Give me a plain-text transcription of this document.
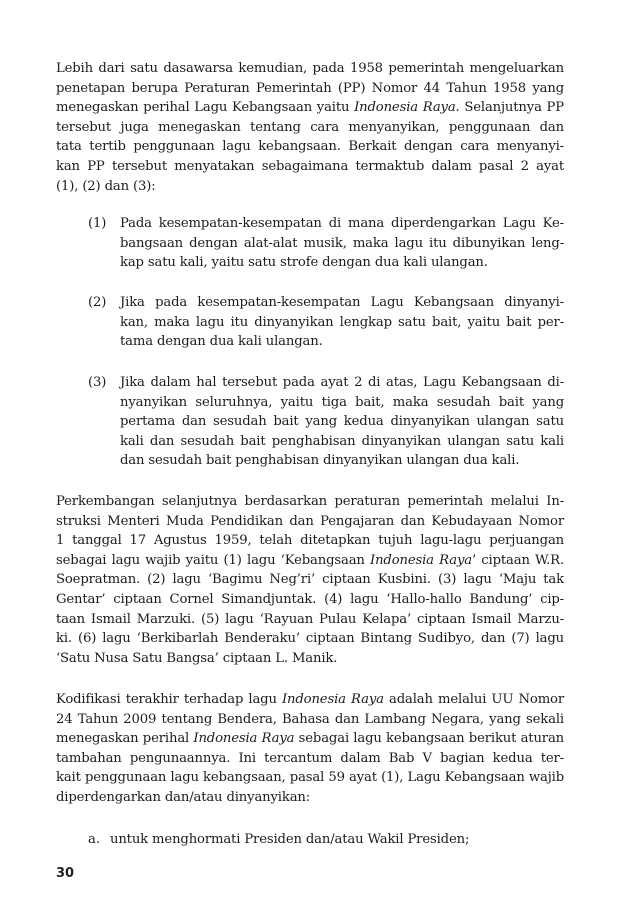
Lebih dari satu dasawarsa kemudian, pada 1958 pemerintah mengeluarkan
penetapan berupa Peraturan Pemerintah (PP) Nomor 44 Tahun 1958 yang
menegaskan perihal Lagu Kebangsaan yaitu Indonesia Raya. Selanjutnya PP
tersebut juga menegaskan tentang cara menyanyikan, penggunaan dan
tata tertib penggunaan lagu kebangsaan. Berkait dengan cara menyanyi-
kan PP tersebut menyatakan sebagaimana termaktub dalam pasal 2 ayat
(1), (2) dan (3):
(1) Pada kesempatan-kesempatan di mana diperdengarkan Lagu Ke-
bangsaan dengan alat-alat musik, maka lagu itu dibunyikan leng-
kap satu kali, yaitu satu strofe dengan dua kali ulangan.
(2) Jika pada kesempatan-kesempatan Lagu Kebangsaan dinyanyi-
kan, maka lagu itu dinyanyikan lengkap satu bait, yaitu bait per-
tama dengan dua kali ulangan.
(3) Jika dalam hal tersebut pada ayat 2 di atas, Lagu Kebangsaan di-
nyanyikan seluruhnya, yaitu tiga bait, maka sesudah bait yang
pertama dan sesudah bait yang kedua dinyanyikan ulangan satu
kali dan sesudah bait penghabisan dinyanyikan ulangan satu kali
dan sesudah bait penghabisan dinyanyikan ulangan dua kali.
Perkembangan selanjutnya berdasarkan peraturan pemerintah melalui In-
struksi Menteri Muda Pendidikan dan Pengajaran dan Kebudayaan Nomor
1 tanggal 17 Agustus 1959, telah ditetapkan tujuh lagu-lagu perjuangan
sebagai lagu wajib yaitu (1) lagu ‘Kebangsaan Indonesia Raya’ ciptaan W.R.
Soepratman. (2) lagu ‘Bagimu Neg’ri’ ciptaan Kusbini. (3) lagu ‘Maju tak
Gentar’ ciptaan Cornel Simandjuntak. (4) lagu ‘Hallo-hallo Bandung’ cip-
taan Ismail Marzuki. (5) lagu ‘Rayuan Pulau Kelapa’ ciptaan Ismail Marzu-
ki. (6) lagu ‘Berkibarlah Benderaku’ ciptaan Bintang Sudibyo, dan (7) lagu
‘Satu Nusa Satu Bangsa’ ciptaan L. Manik.
Kodifikasi terakhir terhadap lagu Indonesia Raya adalah melalui UU Nomor
24 Tahun 2009 tentang Bendera, Bahasa dan Lambang Negara, yang sekali
menegaskan perihal Indonesia Raya sebagai lagu kebangsaan berikut aturan
tambahan pengunaannya. Ini tercantum dalam Bab V bagian kedua ter-
kait penggunaan lagu kebangsaan, pasal 59 ayat (1), Lagu Kebangsaan wajib
diperdengarkan dan/atau dinyanyikan:
a. untuk menghormati Presiden dan/atau Wakil Presiden;
30
